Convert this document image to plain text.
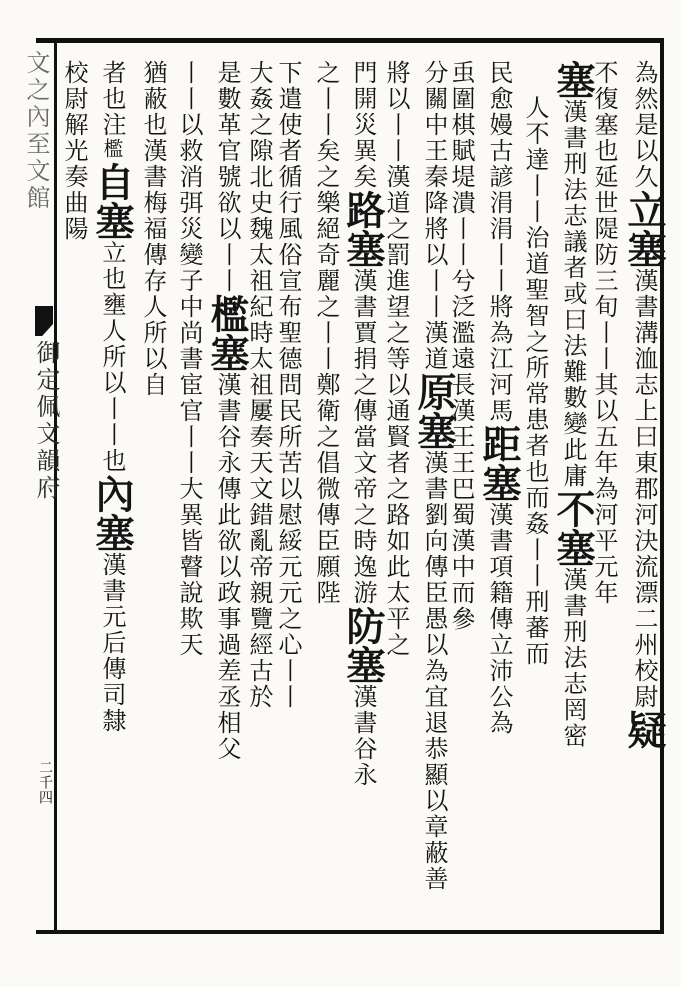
文之內至文館
御定佩文韻府
二千四
為然是以久立塞漢書溝洫志上曰東郡河決流漂二州校尉疑
不復塞也延世隄防三旬丨丨其以五年為河平元年
塞漢書刑法志議者或曰法難數變此庸不塞漢書刑法志罔密
人不達丨丨治道聖智之所常患者也而姦丨丨刑蕃而
民愈嫚古諺涓涓丨丨將為江河馬距塞漢書項籍傳立沛公為
䖝圍棋賦堤潰丨丨兮泛濫遠長漢王王巴蜀漢中而參
分關中王秦降將以丨丨漢道原塞漢書劉向傳臣愚以為宜退恭顯以章蔽善
將以丨丨漢道之罰進望之等以通賢者之路如此太平之
門開災異矣路塞漢書賈捐之傳當文帝之時逸游防塞漢書谷永
之丨丨矣之樂絕奇麗之丨丨鄭衛之倡微傳臣願陛
下遣使者循行風俗宣布聖德問民所苦以慰綏元元之心丨丨
大姦之隙北史魏太祖紀時太祖屢奏天文錯亂帝親覽經古於
是數革官號欲以丨丨檻塞漢書谷永傳此欲以政事過差丞相父
丨丨以救消弭災變子中尚書宦官丨丨大異皆瞽說欺天
猶蔽也漢書梅福傳存人所以自
者也注檻自塞立也壅人所以丨丨也內塞漢書元后傳司隸
校尉解光奏曲陽
